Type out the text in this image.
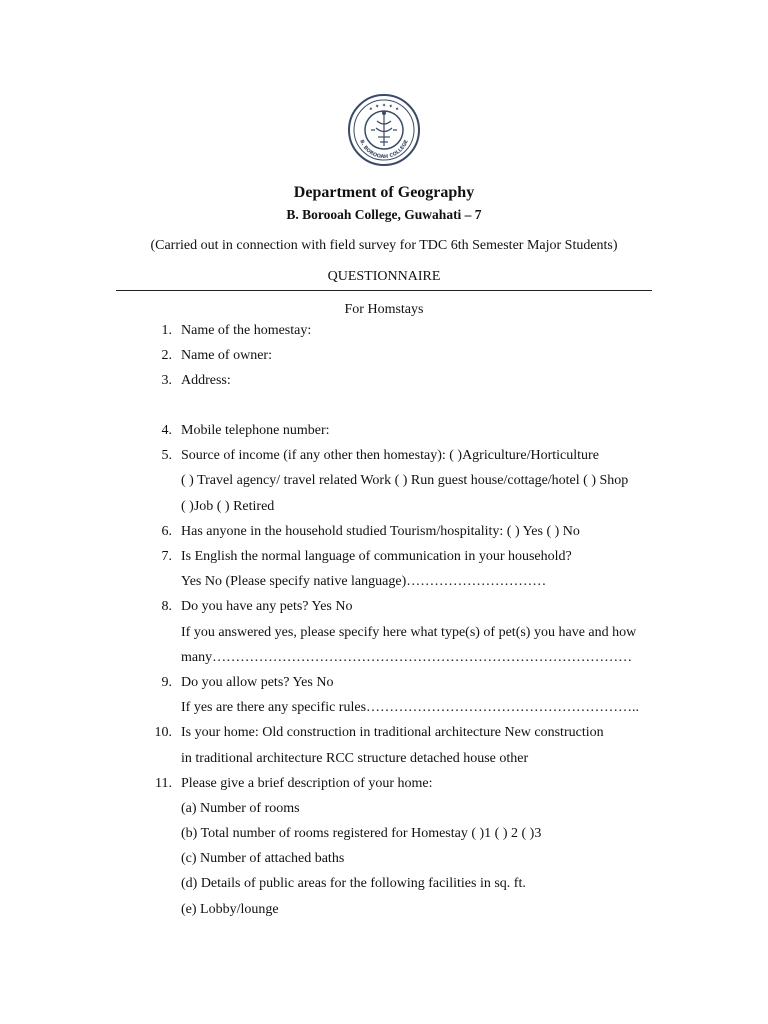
✦ ✦ ✦ ✦ ✦
B. BOROOAH COLLEGE
Department of Geography
B. Borooah College, Guwahati – 7
(Carried out in connection with field survey for TDC 6th Semester Major Students)
QUESTIONNAIRE
For Homstays
1. Name of the homestay:
2. Name of owner:
3. Address:
4. Mobile telephone number:
5. Source of income (if any other then homestay): ( )Agriculture/Horticulture
( ) Travel agency/ travel related Work ( ) Run guest house/cottage/hotel ( ) Shop
( )Job ( ) Retired
6. Has anyone in the household studied Tourism/hospitality: ( ) Yes ( ) No
7. Is English the normal language of communication in your household?
Yes No (Please specify native language)…………………………
8. Do you have any pets? Yes No
If you answered yes, please specify here what type(s) of pet(s) you have and how
many………………………………………………………………………………
9. Do you allow pets? Yes No
If yes are there any specific rules…………………………………………………..
10. Is your home: Old construction in traditional architecture New construction
in traditional architecture RCC structure detached house other
11. Please give a brief description of your home:
(a) Number of rooms
(b) Total number of rooms registered for Homestay ( )1 ( ) 2 ( )3
(c) Number of attached baths
(d) Details of public areas for the following facilities in sq. ft.
(e) Lobby/lounge
